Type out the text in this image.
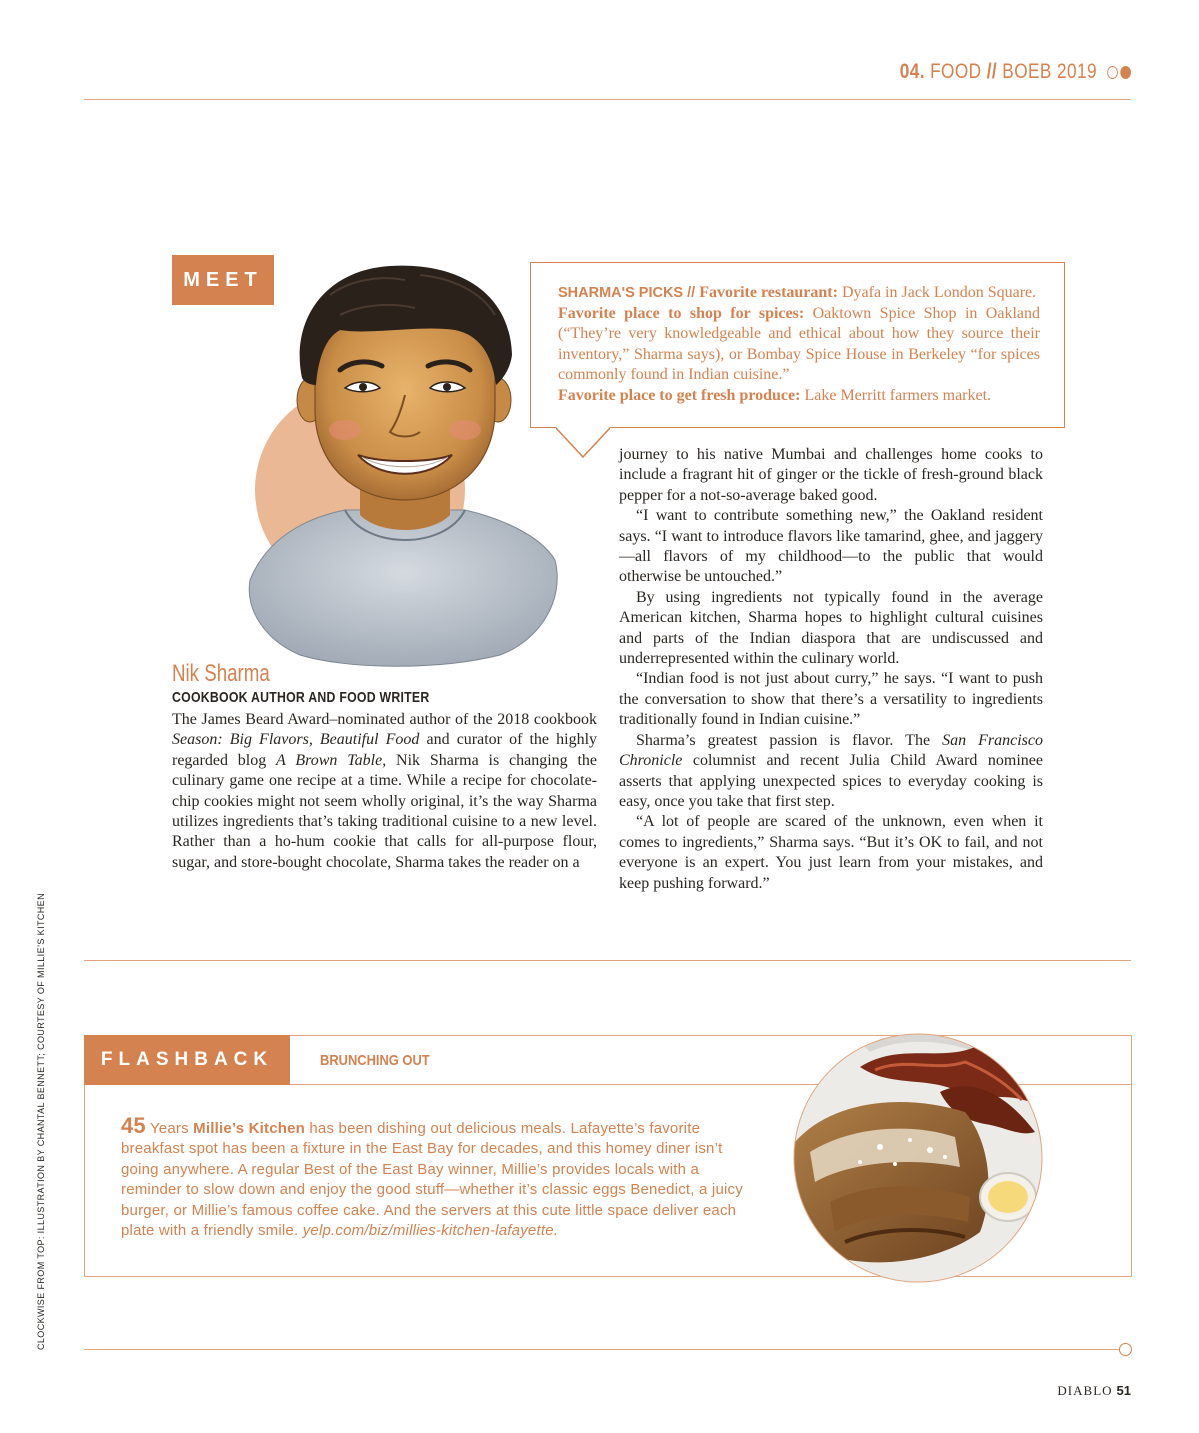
04. FOOD // BOEB 2019
MEET
SHARMA'S PICKS // Favorite restaurant: Dyafa in Jack London Square.
Favorite place to shop for spices: Oaktown Spice Shop in Oakland (“They’re very knowledgeable and ethical about how they source their inventory,” Sharma says), or Bombay Spice House in Berkeley “for spices commonly found in Indian cuisine.”
Favorite place to get fresh produce: Lake Merritt farmers market.
Nik Sharma
COOKBOOK AUTHOR AND FOOD WRITER

The James Beard Award–nominated author of the 2018 cookbook Season: Big Flavors, Beautiful Food and curator of the highly regarded blog A Brown Table, Nik Sharma is changing the culinary game one recipe at a time. While a recipe for chocolate-chip cookies might not seem wholly original, it’s the way Sharma utilizes ingredients that’s taking traditional cuisine to a new level. Rather than a ho-hum cookie that calls for all-purpose flour, sugar, and store-bought chocolate, Sharma takes the reader on a

journey to his native Mumbai and challenges home cooks to include a fragrant hit of ginger or the tickle of fresh-ground black pepper for a not-so-average baked good.

“I want to contribute something new,” the Oakland resident says. “I want to introduce flavors like tamarind, ghee, and jaggery—all flavors of my childhood—to the public that would otherwise be untouched.”

By using ingredients not typically found in the average American kitchen, Sharma hopes to highlight cultural cuisines and parts of the Indian diaspora that are undiscussed and underrepresented within the culinary world.

“Indian food is not just about curry,” he says. “I want to push the conversation to show that there’s a versatility to ingredients traditionally found in Indian cuisine.”

Sharma’s greatest passion is flavor. The San Francisco Chronicle columnist and recent Julia Child Award nominee asserts that applying unexpected spices to everyday cooking is easy, once you take that first step.

“A lot of people are scared of the unknown, even when it comes to ingredients,” Sharma says. “But it’s OK to fail, and not everyone is an expert. You just learn from your mistakes, and keep pushing forward.”

FLASHBACK	BRUNCHING OUT
45 Years Millie’s Kitchen has been dishing out delicious meals. Lafayette’s favorite breakfast spot has been a fixture in the East Bay for decades, and this homey diner isn’t going anywhere. A regular Best of the East Bay winner, Millie’s provides locals with a reminder to slow down and enjoy the good stuff—whether it’s classic eggs Benedict, a juicy burger, or Millie’s famous coffee cake. And the servers at this cute little space deliver each plate with a friendly smile. yelp.com/biz/millies-kitchen-lafayette.
CLOCKWISE FROM TOP: ILLUSTRATION BY CHANTAL BENNETT; COURTESY OF MILLIE’S KITCHEN
DIABLO 51
